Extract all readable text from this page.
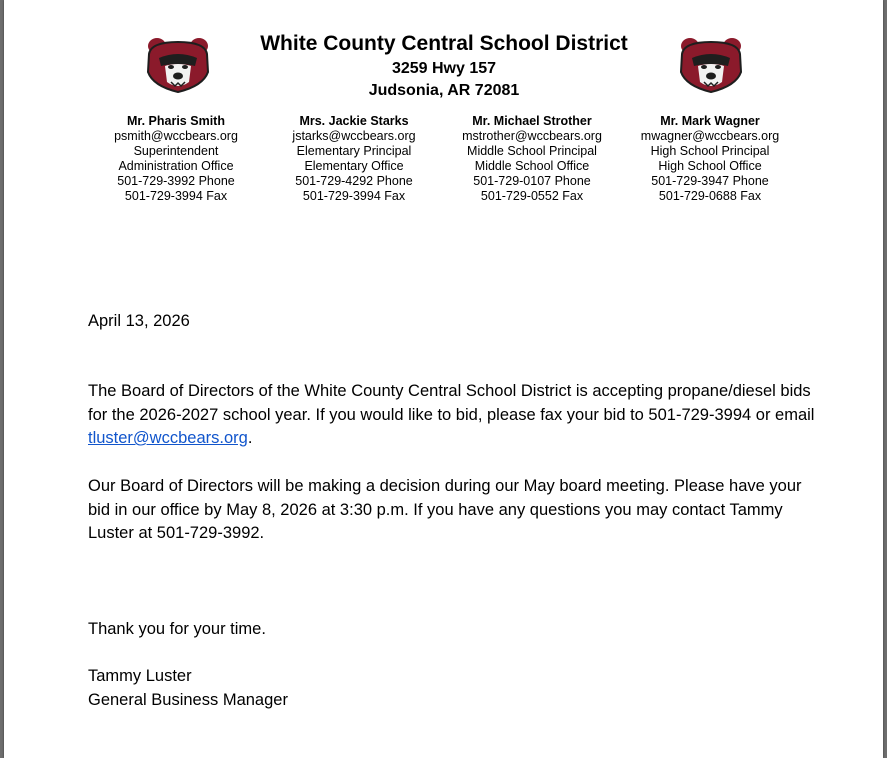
White County Central School District
3259 Hwy 157
Judsonia, AR 72081
Mr. Pharis Smith
psmith@wccbears.org
Superintendent
Administration Office
501-729-3992 Phone
501-729-3994 Fax
Mrs. Jackie Starks
jstarks@wccbears.org
Elementary Principal
Elementary Office
501-729-4292 Phone
501-729-3994 Fax
Mr. Michael Strother
mstrother@wccbears.org
Middle School Principal
Middle School Office
501-729-0107 Phone
501-729-0552 Fax
Mr. Mark Wagner
mwagner@wccbears.org
High School Principal
High School Office
501-729-3947 Phone
501-729-0688 Fax
April 13, 2026
The Board of Directors of the White County Central School District is accepting propane/diesel bids for the 2026-2027 school year. If you would like to bid, please fax your bid to 501-729-3994 or email tluster@wccbears.org.
Our Board of Directors will be making a decision during our May board meeting. Please have your bid in our office by May 8, 2026 at 3:30 p.m. If you have any questions you may contact Tammy Luster at 501-729-3992.
Thank you for your time.
Tammy Luster
General Business Manager
